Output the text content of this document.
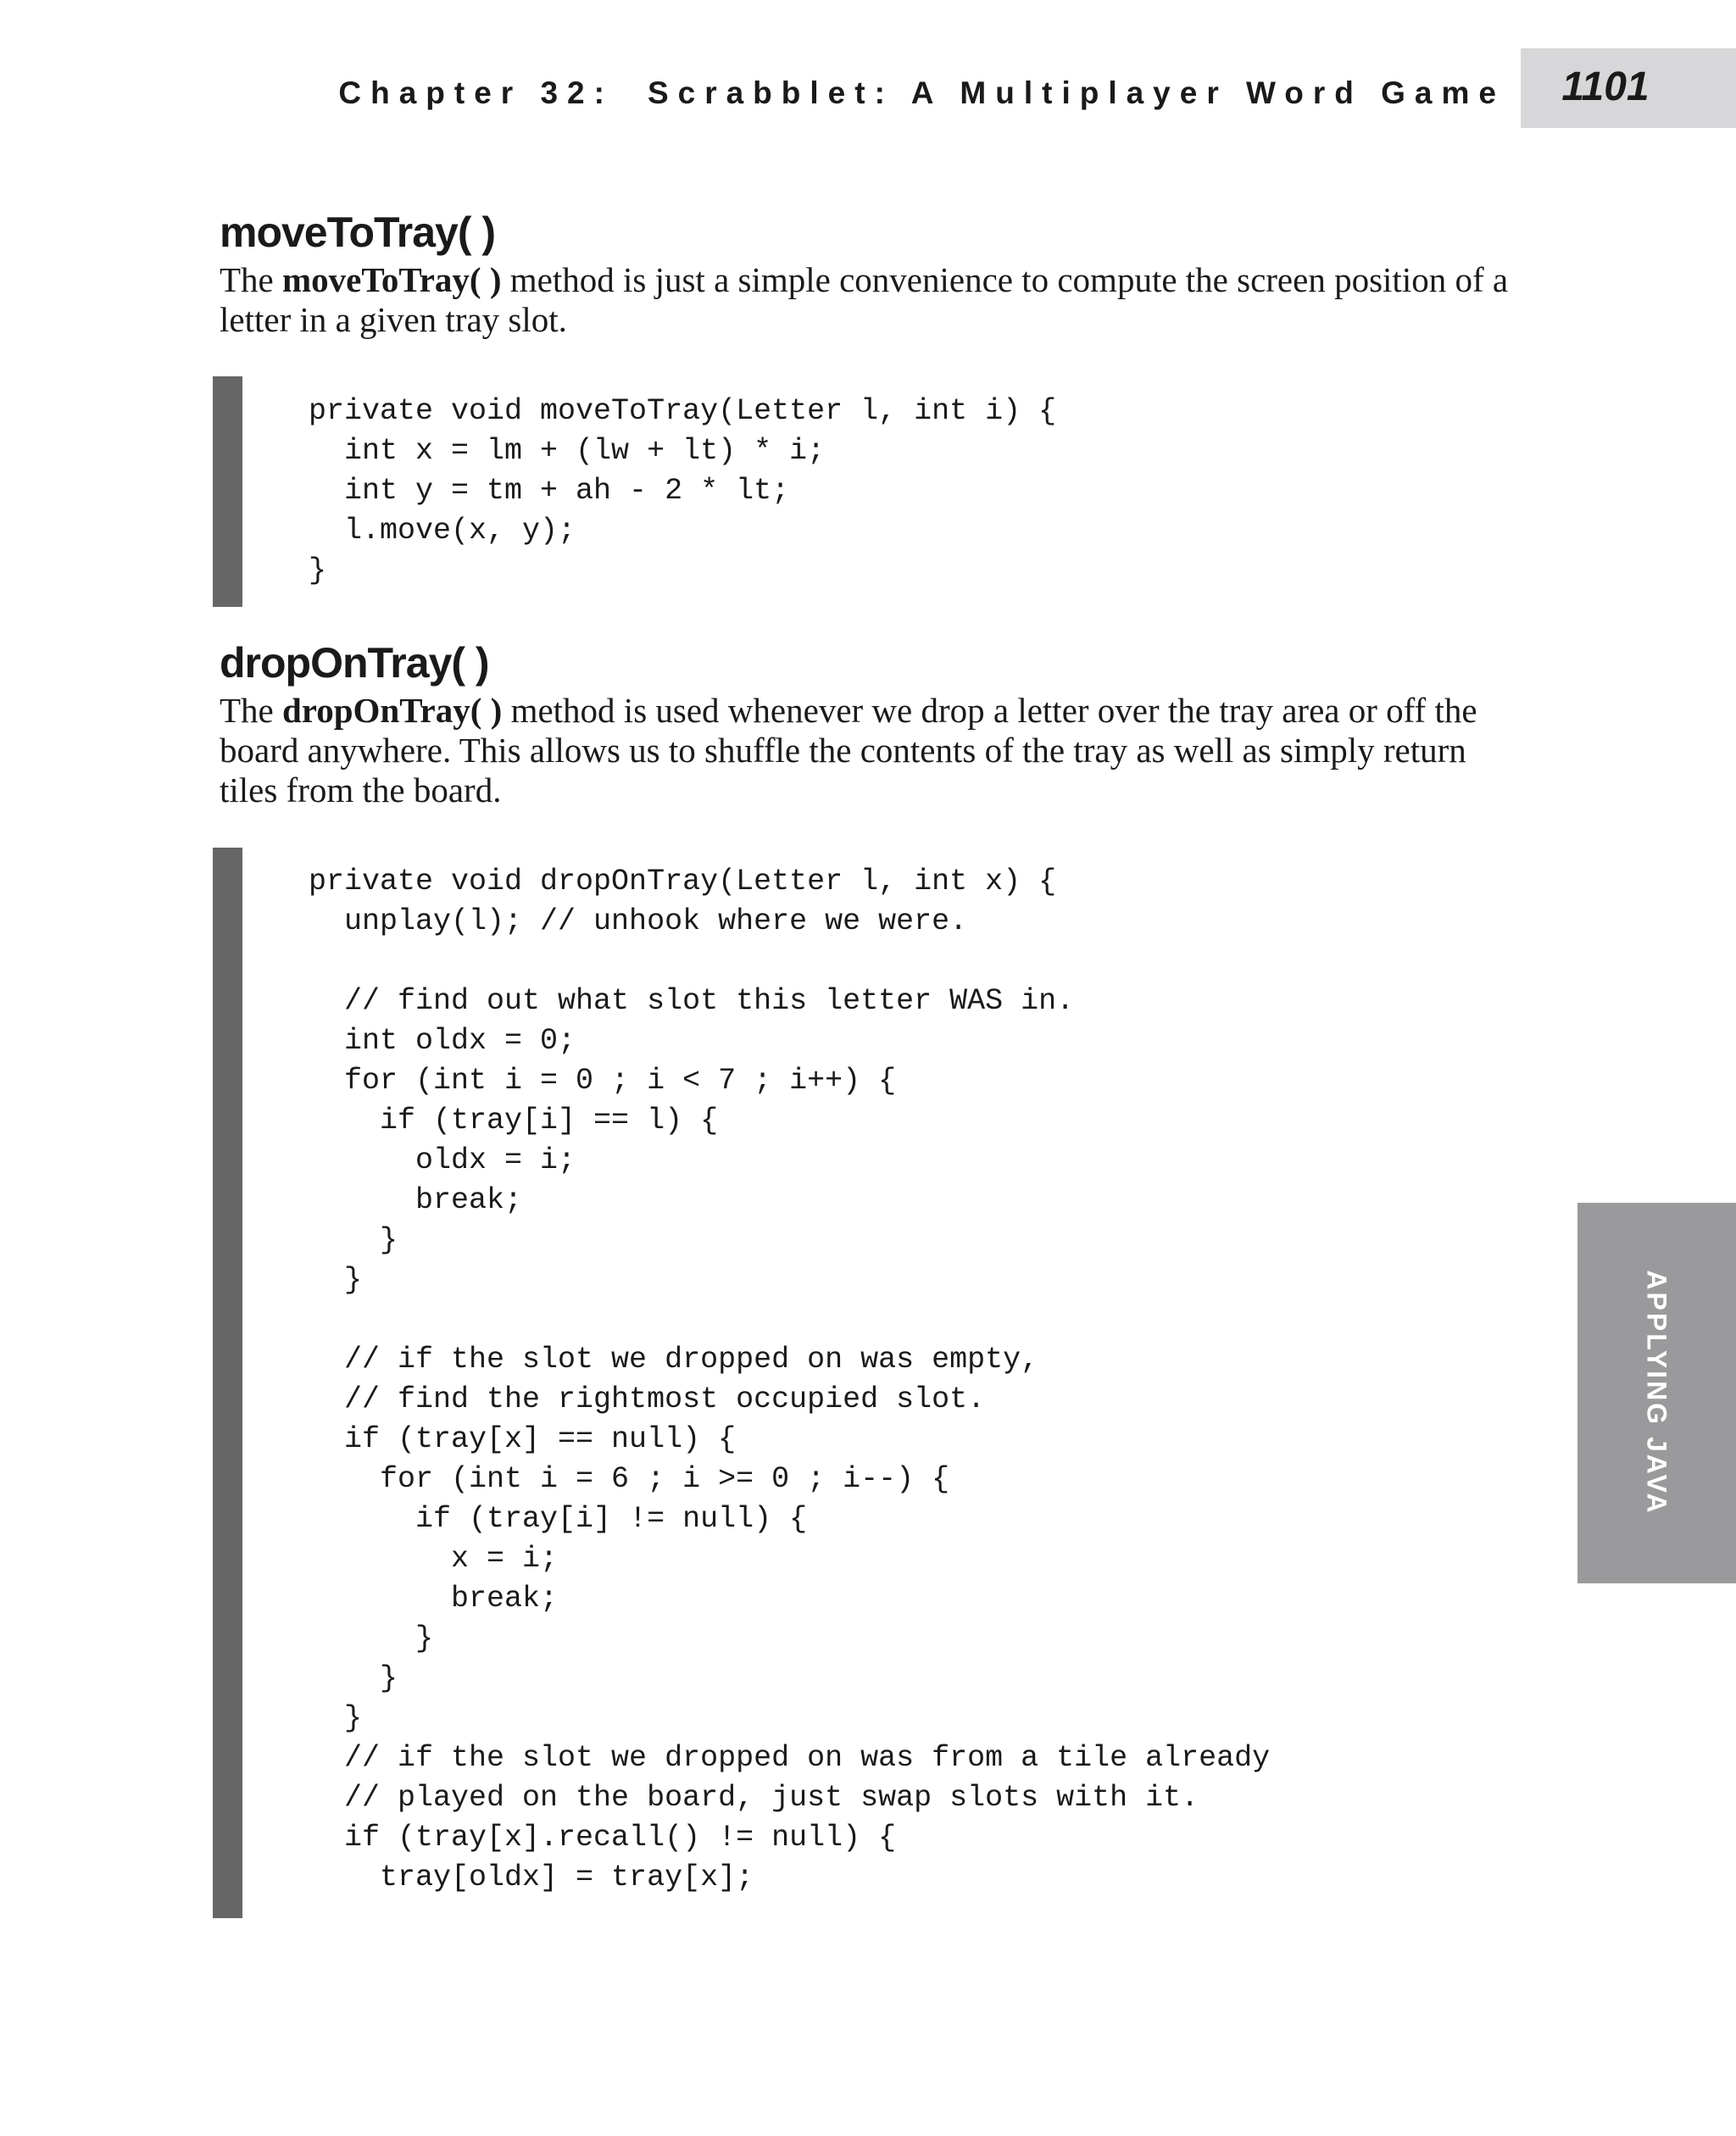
Chapter 32: Scrabblet: A Multiplayer Word Game	1101
moveToTray( )
The moveToTray( ) method is just a simple convenience to compute the screen position of a letter in a given tray slot.
private void moveToTray(Letter l, int i) {
int x = lm + (lw + lt) * i;
int y = tm + ah - 2 * lt;
l.move(x, y);
}
dropOnTray( )
The dropOnTray( ) method is used whenever we drop a letter over the tray area or off the board anywhere. This allows us to shuffle the contents of the tray as well as simply return tiles from the board.
private void dropOnTray(Letter l, int x) {
unplay(l); // unhook where we were.
// find out what slot this letter WAS in.
int oldx = 0;
for (int i = 0 ; i < 7 ; i++) {
if (tray[i] == l) {
oldx = i;
break;
}
}
// if the slot we dropped on was empty,
// find the rightmost occupied slot.
if (tray[x] == null) {
for (int i = 6 ; i >= 0 ; i--) {
if (tray[i] != null) {
x = i;
break;
}
}
}
// if the slot we dropped on was from a tile already
// played on the board, just swap slots with it.
if (tray[x].recall() != null) {
tray[oldx] = tray[x];
APPLYING JAVA
